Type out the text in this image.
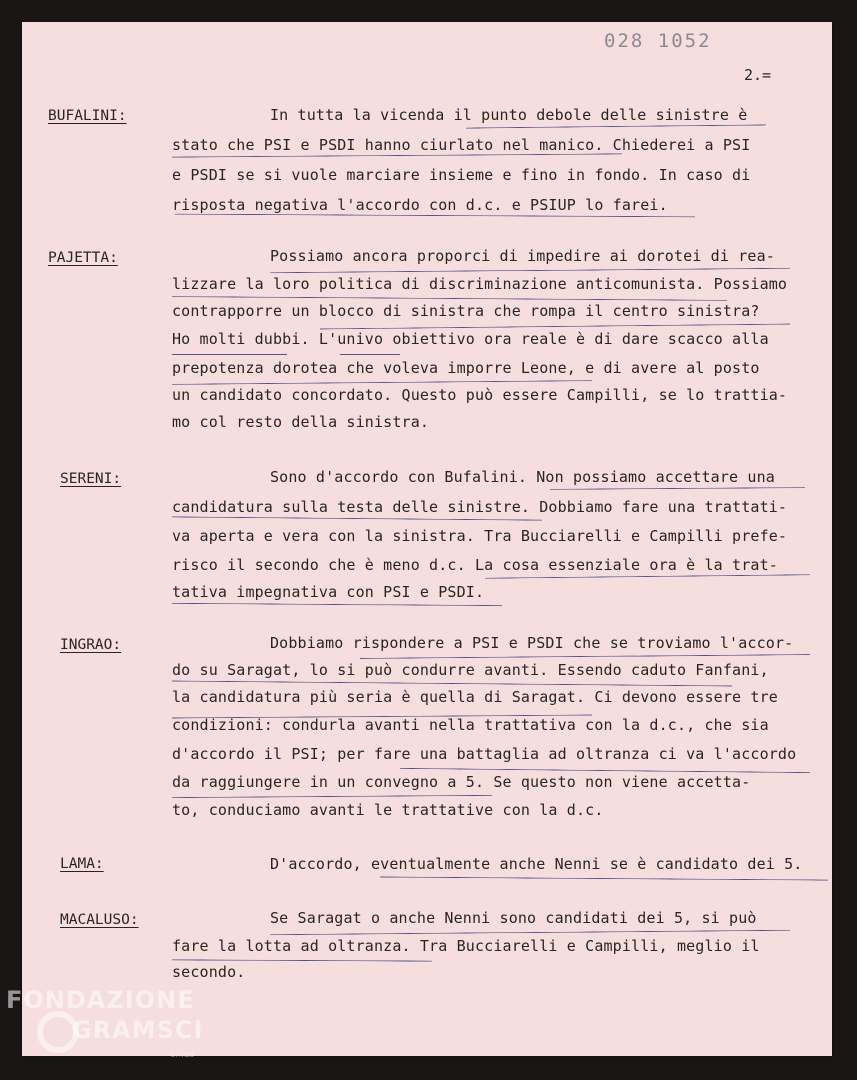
028 1052
2.=
BUFALINI:	In tutta la vicenda il punto debole delle sinistre è
stato che PSI e PSDI hanno ciurlato nel manico. Chiederei a PSI
e PSDI se si vuole marciare insieme e fino in fondo. In caso di
risposta negativa l'accordo con d.c. e PSIUP lo farei.
PAJETTA:	Possiamo ancora proporci di impedire ai dorotei di rea-
lizzare la loro politica di discriminazione anticomunista. Possiamo
contrapporre un blocco di sinistra che rompa il centro sinistra?
Ho molti dubbi. L'univo obiettivo ora reale è di dare scacco alla
prepotenza dorotea che voleva imporre Leone, e di avere al posto
un candidato concordato. Questo può essere Campilli, se lo trattia-
mo col resto della sinistra.
SERENI:	Sono d'accordo con Bufalini. Non possiamo accettare una
candidatura sulla testa delle sinistre. Dobbiamo fare una trattati-
va aperta e vera con la sinistra. Tra Bucciarelli e Campilli prefe-
risco il secondo che è meno d.c. La cosa essenziale ora è la trat-
tativa impegnativa con PSI e PSDI.
INGRAO:	Dobbiamo rispondere a PSI e PSDI che se troviamo l'accor-
do su Saragat, lo si può condurre avanti. Essendo caduto Fanfani,
la candidatura più seria è quella di Saragat. Ci devono essere tre
condizioni: condurla avanti nella trattativa con la d.c., che sia
d'accordo il PSI; per fare una battaglia ad oltranza ci va l'accordo
da raggiungere in un convegno a 5. Se questo non viene accetta-
to, conduciamo avanti le trattative con la d.c.
LAMA:	D'accordo, eventualmente anche Nenni se è candidato dei 5.
MACALUSO:	Se Saragat o anche Nenni sono candidati dei 5, si può
fare la lotta ad oltranza. Tra Bucciarelli e Campilli, meglio il
secondo.
FONDAZIONE
GRAMSCI
onlus
